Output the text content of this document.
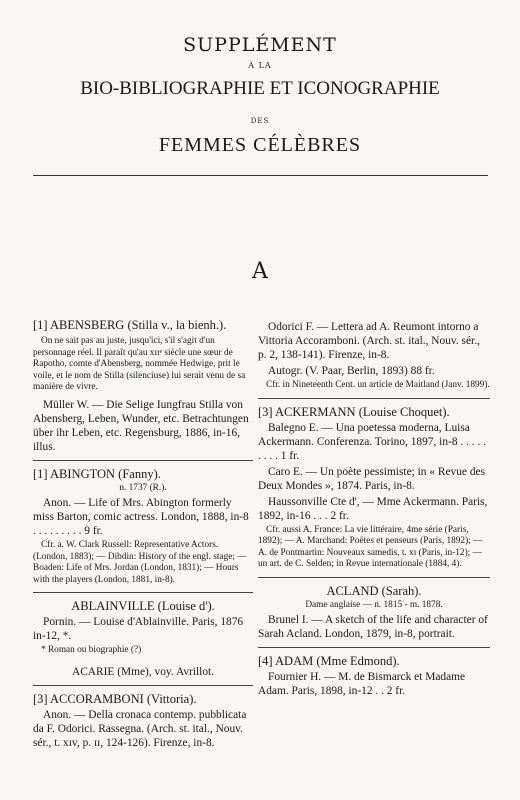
SUPPLÉMENT
À LA
BIO-BIBLIOGRAPHIE ET ICONOGRAPHIE
DES
FEMMES CÉLÈBRES
A

[1] ABENSBERG (Stilla v., la bienh.).

On ne sait pas au juste, jusqu'ici, s'il s'agit d'un personnage réel. Il paraît qu'au xɪɪᵉ siècle une sœur de Rapotho, comte d'Abensberg, nommée Hedwige, prit le voile, et le nom de Stilla (silenciuse) lui serait venu de sa manière de vivre.

Müller W. — Die Selige Iungfrau Stilla von Abensberg, Leben, Wunder, etc. Betrachtungen über ihr Leben, etc. Regensburg, 1886, in-16, illus.

[1] ABINGTON (Fanny).

n. 1737 (R.).

Anon. — Life of Mrs. Abington formerly miss Barton, comic actress. London, 1888, in-8 . . . . . . . . . 9 fr.

Cfr. a. W. Clark Russell: Representative Actors. (London, 1883); — Dibdin: History of the engl. stage; — Boaden: Life of Mrs. Jordan (London, 1831); — Hours with the players (London, 1881, in-8).

ABLAINVILLE (Louise d').

Pornin. — Louise d'Ablainville. Paris, 1876 in-12, *.

* Roman ou biographie (?)

ACARIE (Mme), voy. Avrillot.

[3] ACCORAMBONI (Vittoria).

Anon. — Della cronaca contemp. pubblicata da F. Odorici. Rassegna. (Arch. st. ital., Nouv. sér., t. xɪv, p. ɪɪ, 124-126). Firenze, in-8.

Odorici F. — Lettera ad A. Reumont intorno a Vittoria Accoramboni. (Arch. st. ital., Nouv. sér., p. 2, 138-141). Firenze, in-8.

Autogr. (V. Paar, Berlin, 1893) 88 fr.

Cfr. in Nineteenth Cent. un article de Maitland (Janv. 1899).

[3] ACKERMANN (Louise Choquet).

Balegno E. — Una poetessa moderna, Luisa Ackermann. Conferenza. Torino, 1897, in-8 . . . . . . . . . 1 fr.

Caro E. — Un poète pessimiste; in « Revue des Deux Mondes », 1874. Paris, in-8.

Haussonville Cte d', — Mme Ackermann. Paris, 1892, in-16 . . . 2 fr.

Cfr. aussi A. France: La vie littéraire, 4me série (Paris, 1892); — A. Marchand: Poëtes et penseurs (Paris, 1892); — A. de Pontmartin: Nouveaux samedis, t. xɪ (Paris, in-12); — un art. de C. Selden; in Revue internationale (1884, 4).

ACLAND (Sarah).

Dame anglaise — n. 1815 - m. 1878.

Brunel I. — A sketch of the life and character of Sarah Acland. London, 1879, in-8, portrait.

[4] ADAM (Mme Edmond).

Fournier H. — M. de Bismarck et Madame Adam. Paris, 1898, in-12 . . 2 fr.
